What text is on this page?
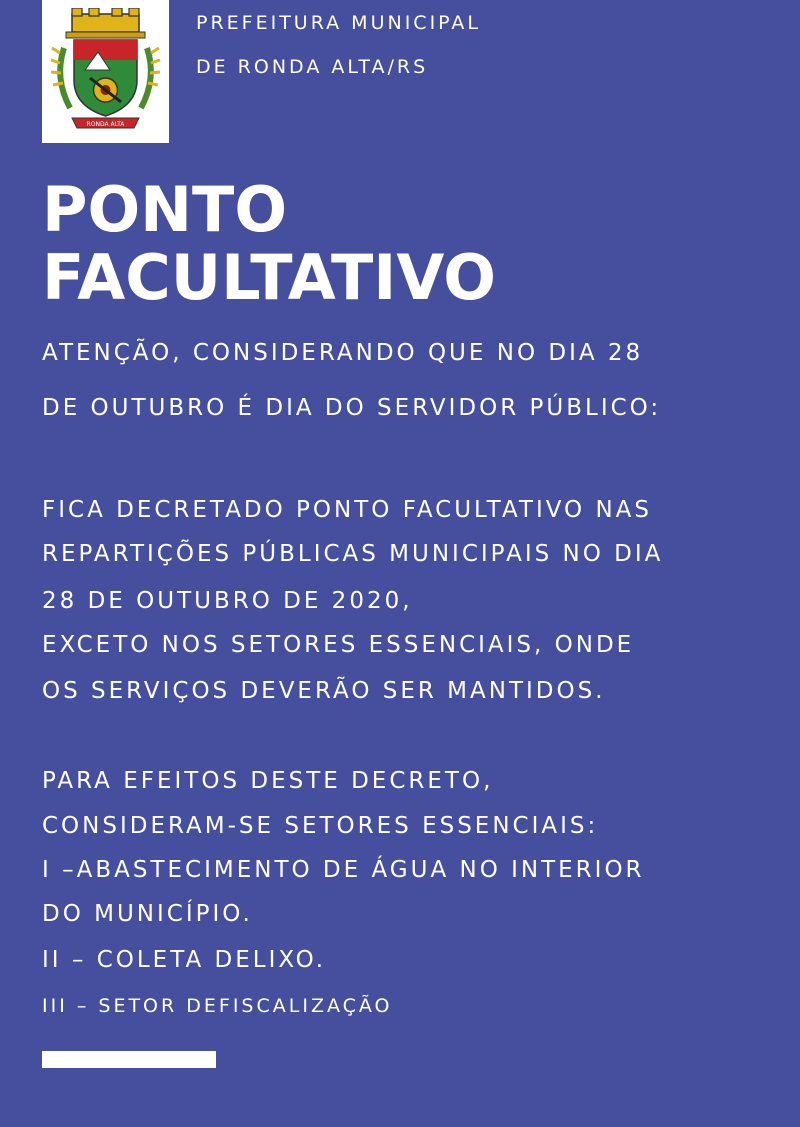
RONDA ALTA
PREFEITURA MUNICIPAL
DE RONDA ALTA/RS
PONTO
FACULTATIVO
ATENÇÃO, CONSIDERANDO QUE NO DIA 28
DE OUTUBRO É DIA DO SERVIDOR PÚBLICO:
FICA DECRETADO PONTO FACULTATIVO NAS
REPARTIÇÕES PÚBLICAS MUNICIPAIS NO DIA
28 DE OUTUBRO DE 2020,
EXCETO NOS SETORES ESSENCIAIS, ONDE
OS SERVIÇOS DEVERÃO SER MANTIDOS.
PARA EFEITOS DESTE DECRETO,
CONSIDERAM-SE SETORES ESSENCIAIS:
I –ABASTECIMENTO DE ÁGUA NO INTERIOR
DO MUNICÍPIO.
II – COLETA DELIXO.
III – SETOR DEFISCALIZAÇÃO
